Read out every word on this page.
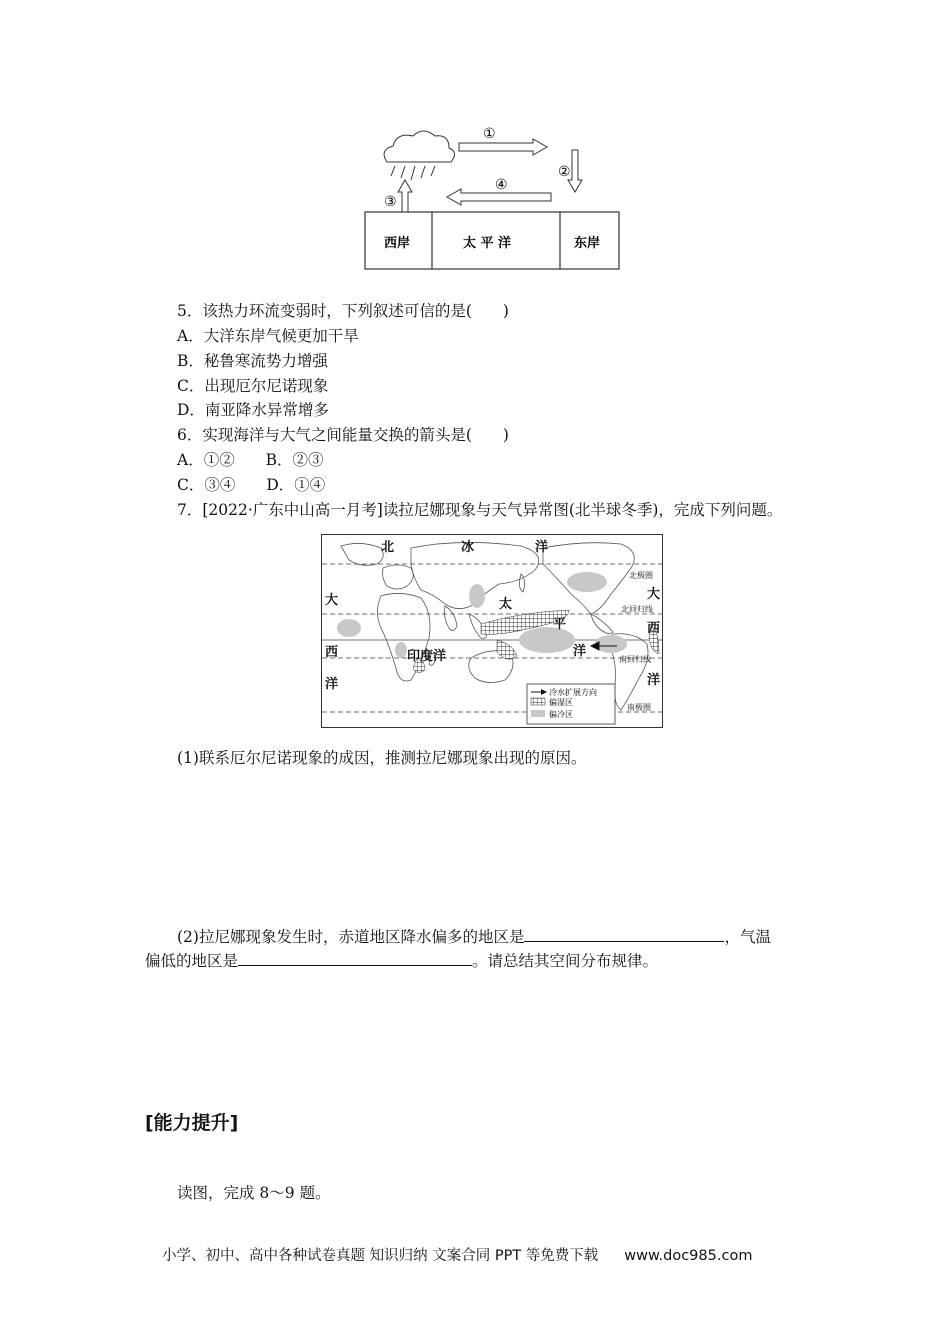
①
②
④
③
西岸	太 平 洋	东岸
5．该热力环流变弱时，下列叙述可信的是(　　)
A．大洋东岸气候更加干旱
B．秘鲁寒流势力增强
C．出现厄尔尼诺现象
D．南亚降水异常增多
6．实现海洋与大气之间能量交换的箭头是(　　)
A．①② B．②③
C．③④ D．①④
7．[2022·广东中山高一月考]读拉尼娜现象与天气异常图(北半球冬季)，完成下列问题。
北	冰	洋
大
西
洋
太
平
洋
印度洋
大
西
洋
北极圈
北回归线
南回归线
南极圈
冷水扩展方向
偏湿区
偏冷区
(1)联系厄尔尼诺现象的成因，推测拉尼娜现象出现的原因。
(2)拉尼娜现象发生时，赤道地区降水偏多的地区是	，气温
偏低的地区是	。请总结其空间分布规律。
[能力提升]
读图，完成 8～9 题。
小学、初中、高中各种试卷真题 知识归纳 文案合同 PPT 等免费下载 www.doc985.com
